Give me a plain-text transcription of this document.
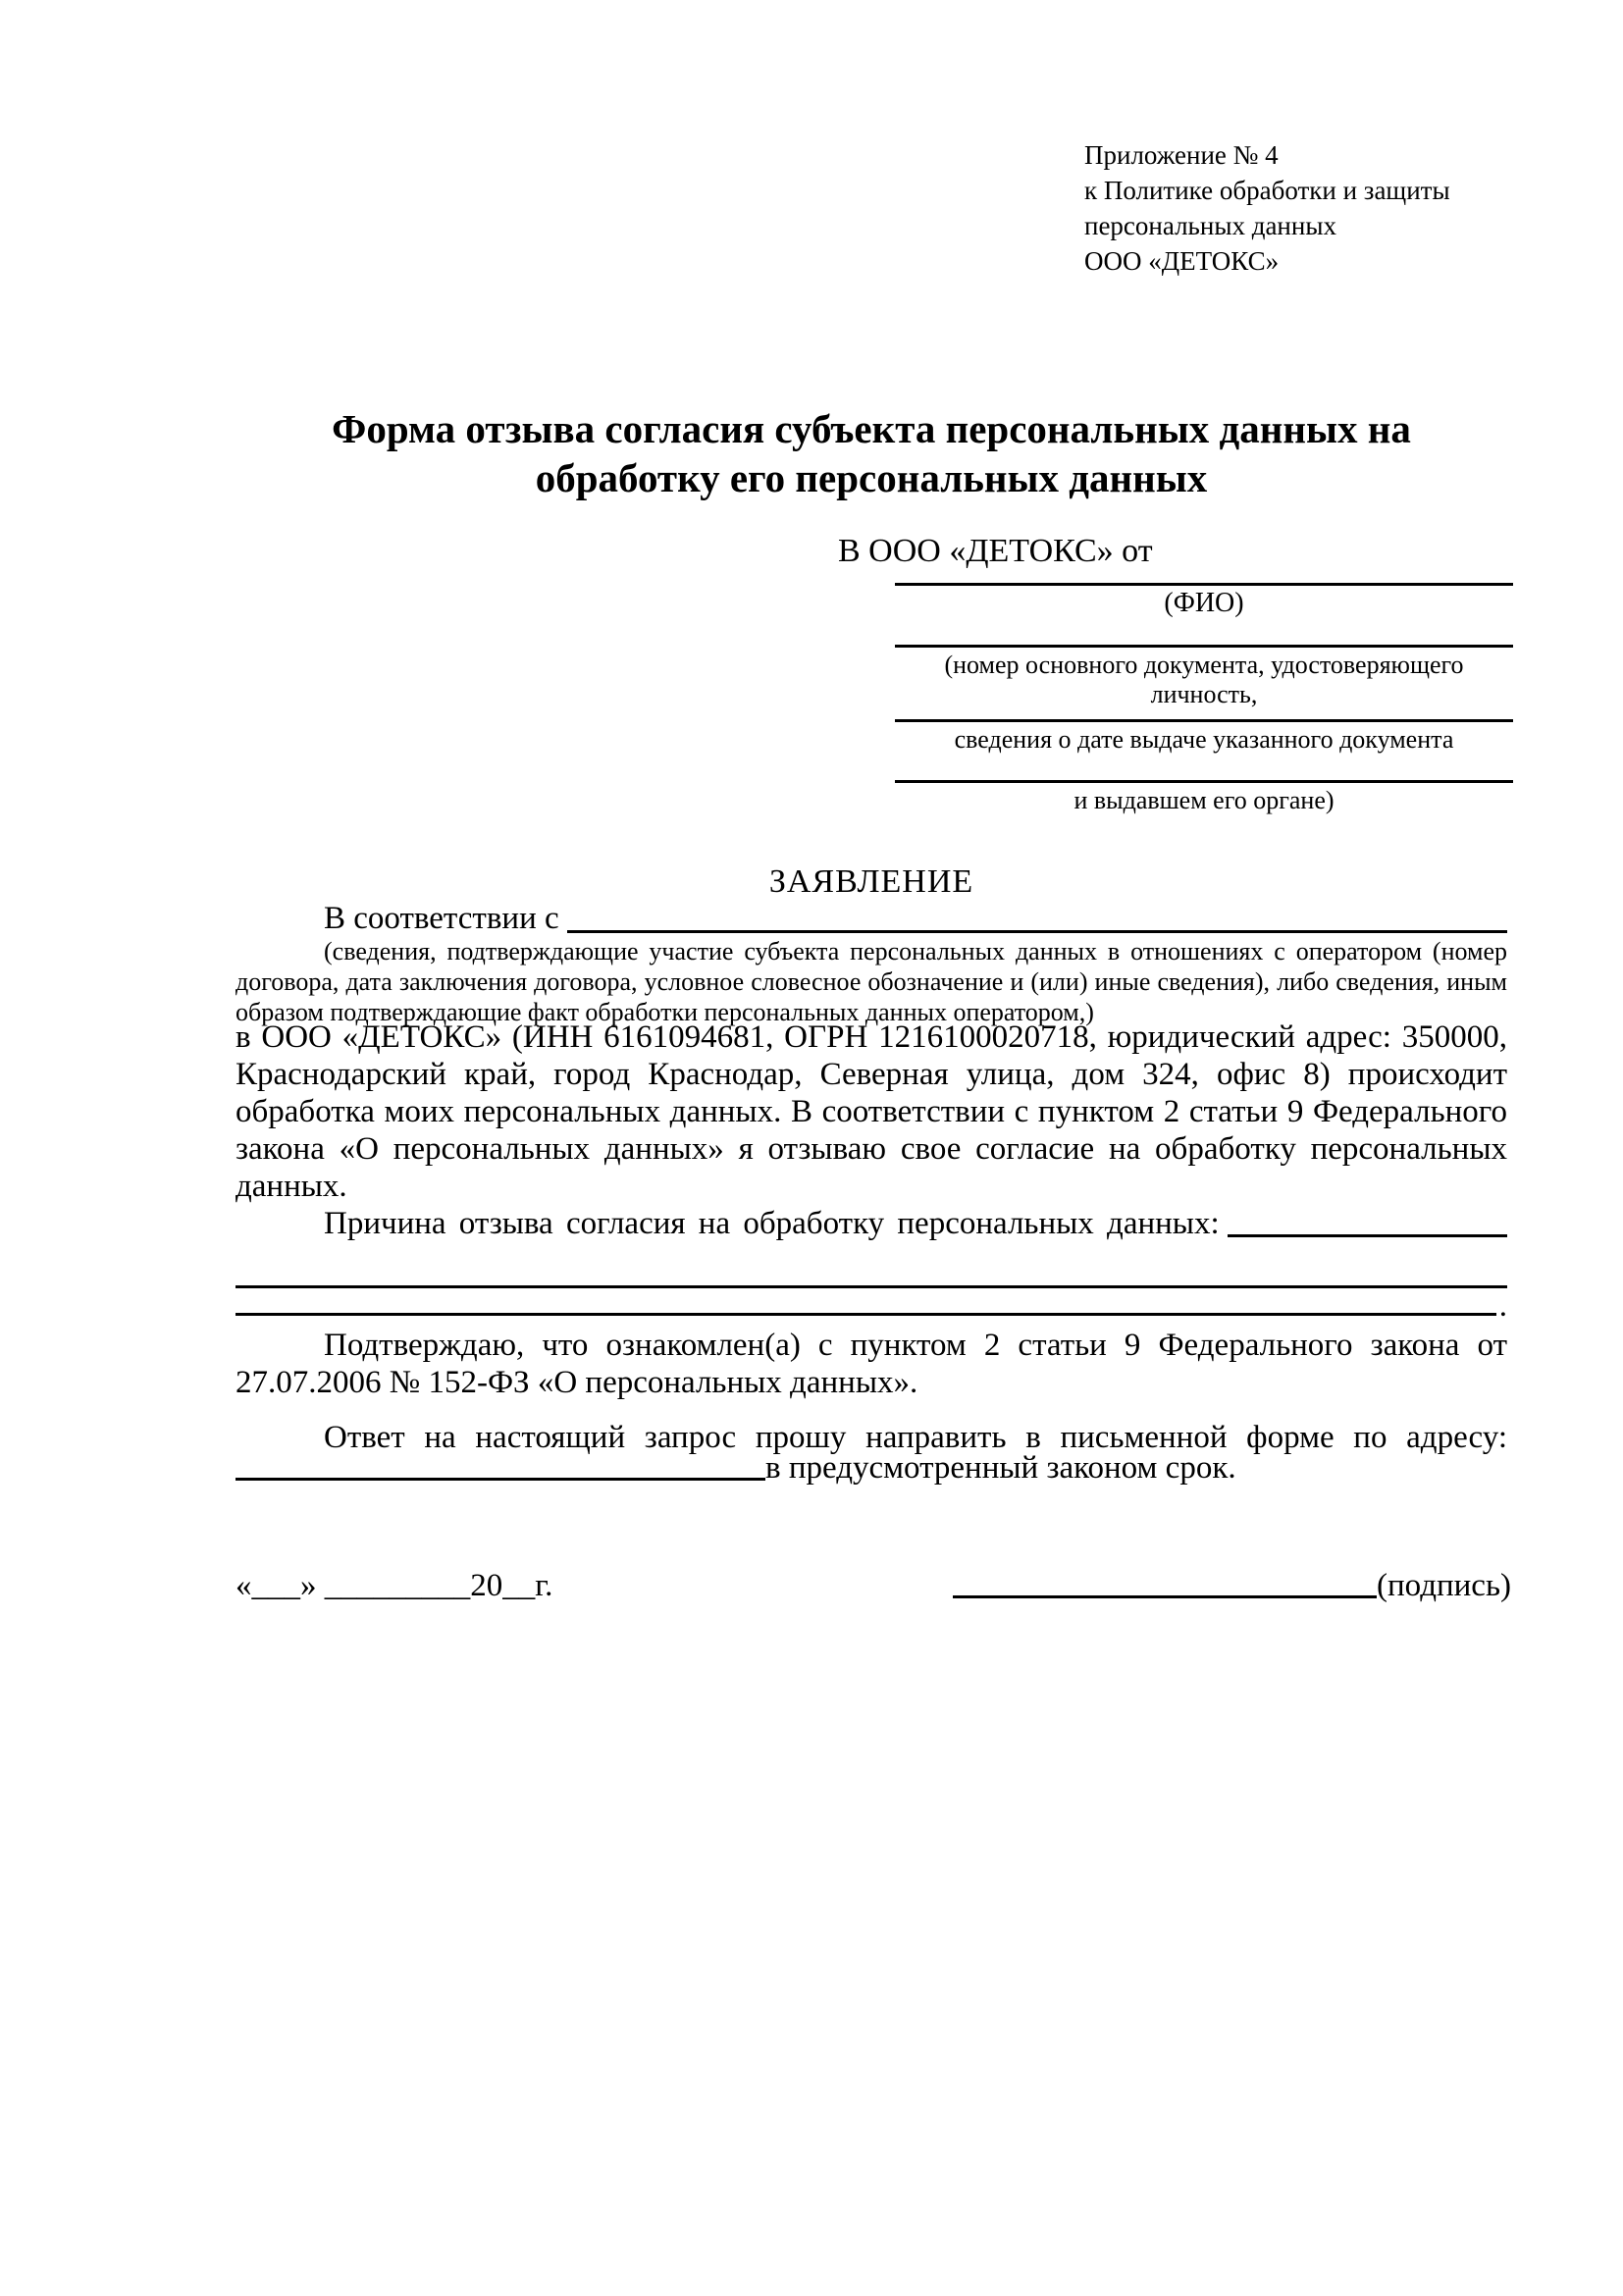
Приложение № 4
к Политике обработки и защиты
персональных данных
ООО «ДЕТОКС»
Форма отзыва согласия субъекта персональных данных на обработку его персональных данных
В ООО «ДЕТОКС» от
(ФИО)
(номер основного документа, удостоверяющего личность,
сведения о дате выдаче указанного документа
и выдавшем его органе)
ЗАЯВЛЕНИЕ
В соответствии с
(сведения, подтверждающие участие субъекта персональных данных в отношениях с оператором (номер договора, дата заключения договора, условное словесное обозначение и (или) иные сведения), либо сведения, иным образом подтверждающие факт обработки персональных данных оператором,)
в ООО «ДЕТОКС» (ИНН 6161094681, ОГРН 1216100020718, юридический адрес: 350000, Краснодарский край, город Краснодар, Северная улица, дом 324, офис 8) происходит обработка моих персональных данных. В соответствии с пунктом 2 статьи 9 Федерального закона «О персональных данных» я отзываю свое согласие на обработку персональных данных.
Причина отзыва согласия на обработку персональных данных:
.
Подтверждаю, что ознакомлен(а) с пунктом 2 статьи 9 Федерального закона от 27.07.2006 № 152-ФЗ «О персональных данных».
Ответ на настоящий запрос прошу направить в письменной форме по адресу:
в предусмотренный законом срок.
«___» _________20__г.	(подпись)
